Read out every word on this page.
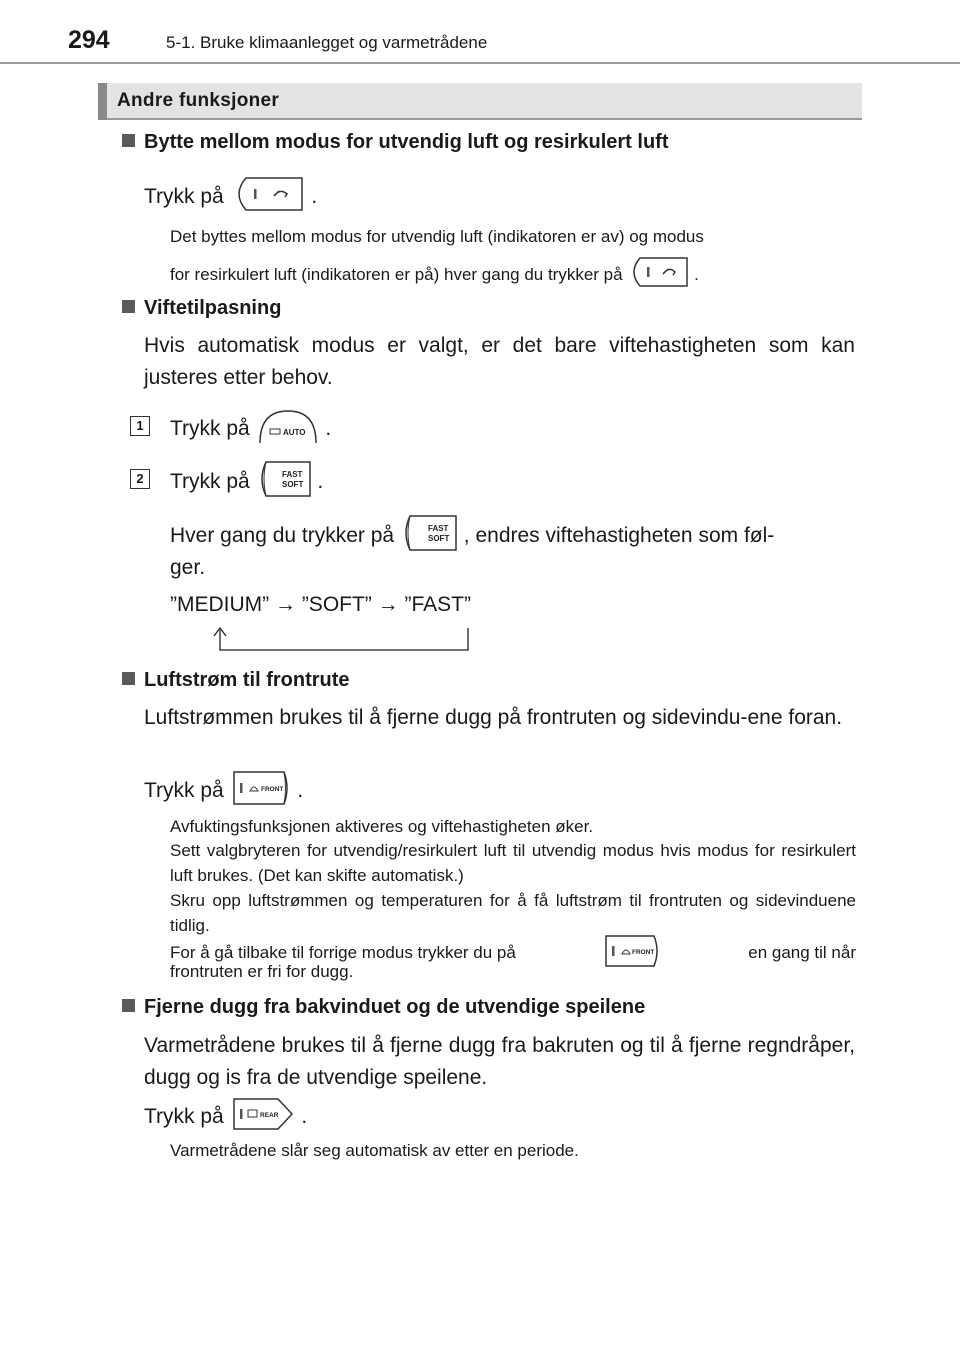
294	5-1. Bruke klimaanlegget og varmetrådene
Andre funksjoner
Bytte mellom modus for utvendig luft og resirkulert luft
Trykk på	.
Det byttes mellom modus for utvendig luft (indikatoren er av) og modus
for resirkulert luft (indikatoren er på) hver gang du trykker på	.
Viftetilpasning
Hvis automatisk modus er valgt, er det bare viftehastigheten som kan justeres etter behov.
1	Trykk på	AUTO .
2	Trykk på	FAST
SOFT .
Hver gang du trykker på	FAST
SOFT , endres viftehastigheten som føl-
ger.
”MEDIUM” → ”SOFT” → ”FAST”
Luftstrøm til frontrute
Luftstrømmen brukes til å fjerne dugg på frontruten og sidevindu-ene foran.
Trykk på	FRONT .
Avfuktingsfunksjonen aktiveres og viftehastigheten øker.
Sett valgbryteren for utvendig/resirkulert luft til utvendig modus hvis modus for resirkulert luft brukes. (Det kan skifte automatisk.)
Skru opp luftstrømmen og temperaturen for å få luftstrøm til frontruten og sidevinduene tidlig.
For å gå tilbake til forrige modus trykker du på	FRONT	en gang til når
frontruten er fri for dugg.
Fjerne dugg fra bakvinduet og de utvendige speilene
Varmetrådene brukes til å fjerne dugg fra bakruten og til å fjerne regndråper, dugg og is fra de utvendige speilene.
Trykk på	REAR .
Varmetrådene slår seg automatisk av etter en periode.
